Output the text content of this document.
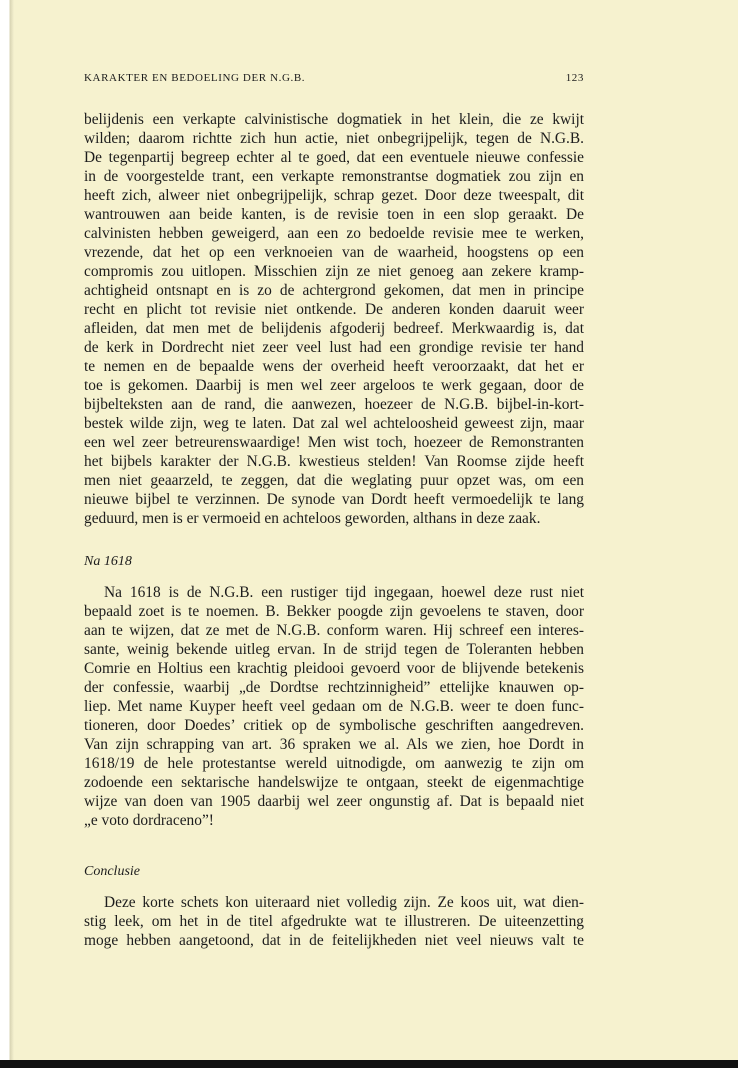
KARAKTER EN BEDOELING DER N.G.B.	123
belijdenis een verkapte calvinistische dogmatiek in het klein, die ze kwijt
wilden; daarom richtte zich hun actie, niet onbegrijpelijk, tegen de N.G.B.
De tegenpartij begreep echter al te goed, dat een eventuele nieuwe confessie
in de voorgestelde trant, een verkapte remonstrantse dogmatiek zou zijn en
heeft zich, alweer niet onbegrijpelijk, schrap gezet. Door deze tweespalt, dit
wantrouwen aan beide kanten, is de revisie toen in een slop geraakt. De
calvinisten hebben geweigerd, aan een zo bedoelde revisie mee te werken,
vrezende, dat het op een verknoeien van de waarheid, hoogstens op een
compromis zou uitlopen. Misschien zijn ze niet genoeg aan zekere kramp-
achtigheid ontsnapt en is zo de achtergrond gekomen, dat men in principe
recht en plicht tot revisie niet ontkende. De anderen konden daaruit weer
afleiden, dat men met de belijdenis afgoderij bedreef. Merkwaardig is, dat
de kerk in Dordrecht niet zeer veel lust had een grondige revisie ter hand
te nemen en de bepaalde wens der overheid heeft veroorzaakt, dat het er
toe is gekomen. Daarbij is men wel zeer argeloos te werk gegaan, door de
bijbelteksten aan de rand, die aanwezen, hoezeer de N.G.B. bijbel-in-kort-
bestek wilde zijn, weg te laten. Dat zal wel achteloosheid geweest zijn, maar
een wel zeer betreurenswaardige! Men wist toch, hoezeer de Remonstranten
het bijbels karakter der N.G.B. kwestieus stelden! Van Roomse zijde heeft
men niet geaarzeld, te zeggen, dat die weglating puur opzet was, om een
nieuwe bijbel te verzinnen. De synode van Dordt heeft vermoedelijk te lang
geduurd, men is er vermoeid en achteloos geworden, althans in deze zaak.
Na 1618
Na 1618 is de N.G.B. een rustiger tijd ingegaan, hoewel deze rust niet
bepaald zoet is te noemen. B. Bekker poogde zijn gevoelens te staven, door
aan te wijzen, dat ze met de N.G.B. conform waren. Hij schreef een interes-
sante, weinig bekende uitleg ervan. In de strijd tegen de Toleranten hebben
Comrie en Holtius een krachtig pleidooi gevoerd voor de blijvende betekenis
der confessie, waarbij „de Dordtse rechtzinnigheid” ettelijke knauwen op-
liep. Met name Kuyper heeft veel gedaan om de N.G.B. weer te doen func-
tioneren, door Doedes’ critiek op de symbolische geschriften aangedreven.
Van zijn schrapping van art. 36 spraken we al. Als we zien, hoe Dordt in
1618/19 de hele protestantse wereld uitnodigde, om aanwezig te zijn om
zodoende een sektarische handelswijze te ontgaan, steekt de eigenmachtige
wijze van doen van 1905 daarbij wel zeer ongunstig af. Dat is bepaald niet
„e voto dordraceno”!
Conclusie
Deze korte schets kon uiteraard niet volledig zijn. Ze koos uit, wat dien-
stig leek, om het in de titel afgedrukte wat te illustreren. De uiteenzetting
moge hebben aangetoond, dat in de feitelijkheden niet veel nieuws valt te
